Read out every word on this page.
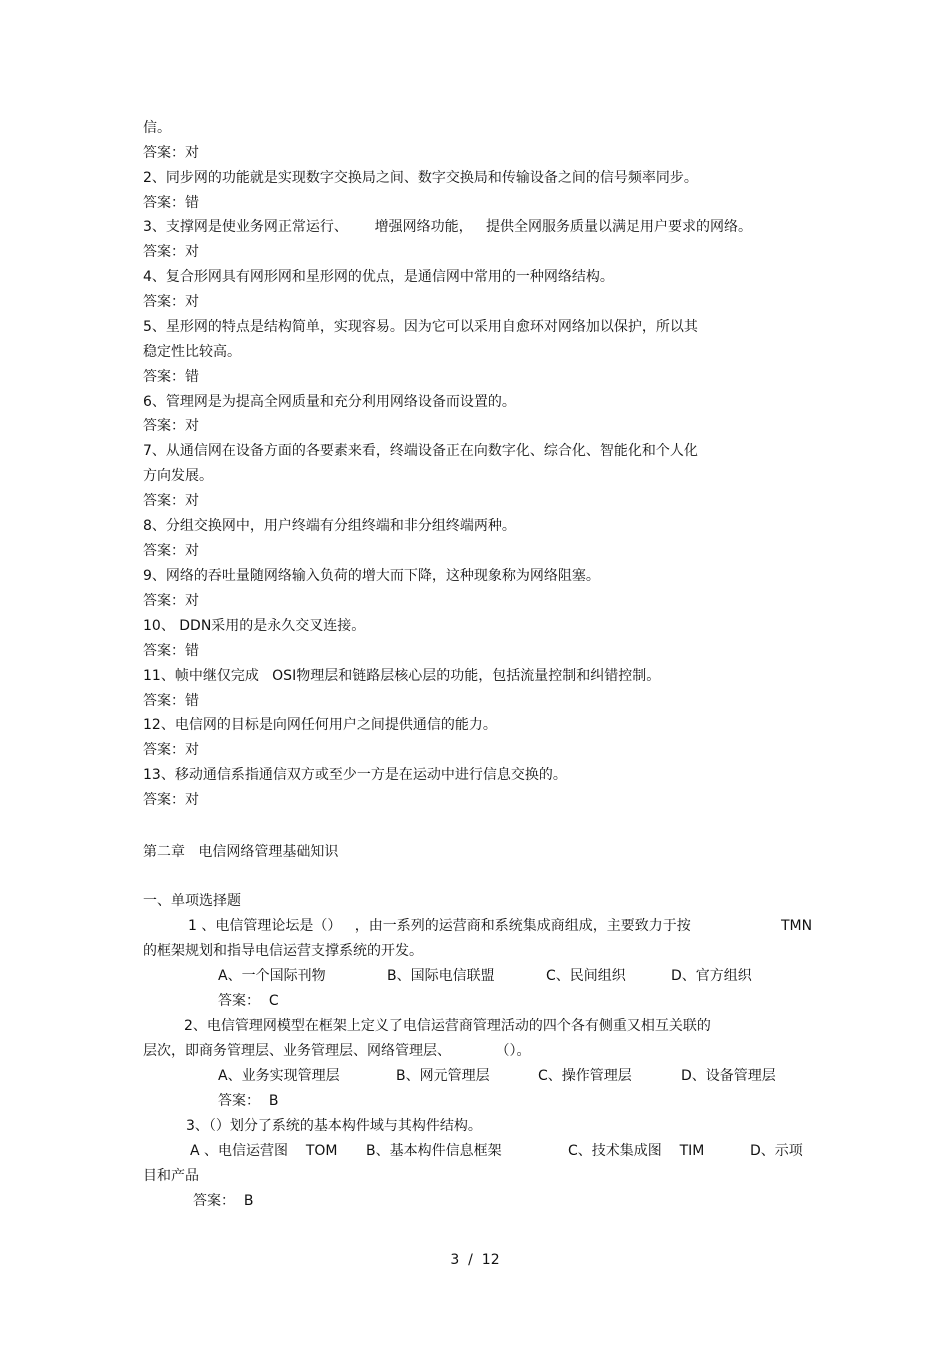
信。
答案：对
2、同步网的功能就是实现数字交换局之间、数字交换局和传输设备之间的信号频率同步。
答案：错
3、支撑网是使业务网正常运行、      增强网络功能，   提供全网服务质量以满足用户要求的网络。
答案：对
4、复合形网具有网形网和星形网的优点，是通信网中常用的一种网络结构。
答案：对
5、星形网的特点是结构简单，实现容易。因为它可以采用自愈环对网络加以保护，所以其
稳定性比较高。
答案：错
6、管理网是为提高全网质量和充分利用网络设备而设置的。
答案：对
7、从通信网在设备方面的各要素来看，终端设备正在向数字化、综合化、智能化和个人化
方向发展。
答案：对
8、分组交换网中，用户终端有分组终端和非分组终端两种。
答案：对
9、网络的吞吐量随网络输入负荷的增大而下降，这种现象称为网络阻塞。
答案：对
10、 DDN采用的是永久交叉连接。
答案：错
11、帧中继仅完成   OSI物理层和链路层核心层的功能，包括流量控制和纠错控制。
答案：错
12、电信网的目标是向网任何用户之间提供通信的能力。
答案：对
13、移动通信系指通信双方或至少一方是在运动中进行信息交换的。
答案：对
第二章   电信网络管理基础知识
一、单项选择题
1 、电信管理论坛是（）   ，由一系列的运营商和系统集成商组成，主要致力于按	TMN
的框架规划和指导电信运营支撑系统的开发。
A、一个国际刊物	B、国际电信联盟	C、民间组织	D、官方组织
答案：  C
2、电信管理网模型在框架上定义了电信运营商管理活动的四个各有侧重又相互关联的
层次，即商务管理层、业务管理层、网络管理层、          （）。
A、业务实现管理层	B、网元管理层	C、操作管理层	D、设备管理层
答案：  B
3、（）划分了系统的基本构件域与其构件结构。
A 、电信运营图    TOM B、基本构件信息框架	C、技术集成图    TIM	D、示项
目和产品
答案：  B
3  /  12
